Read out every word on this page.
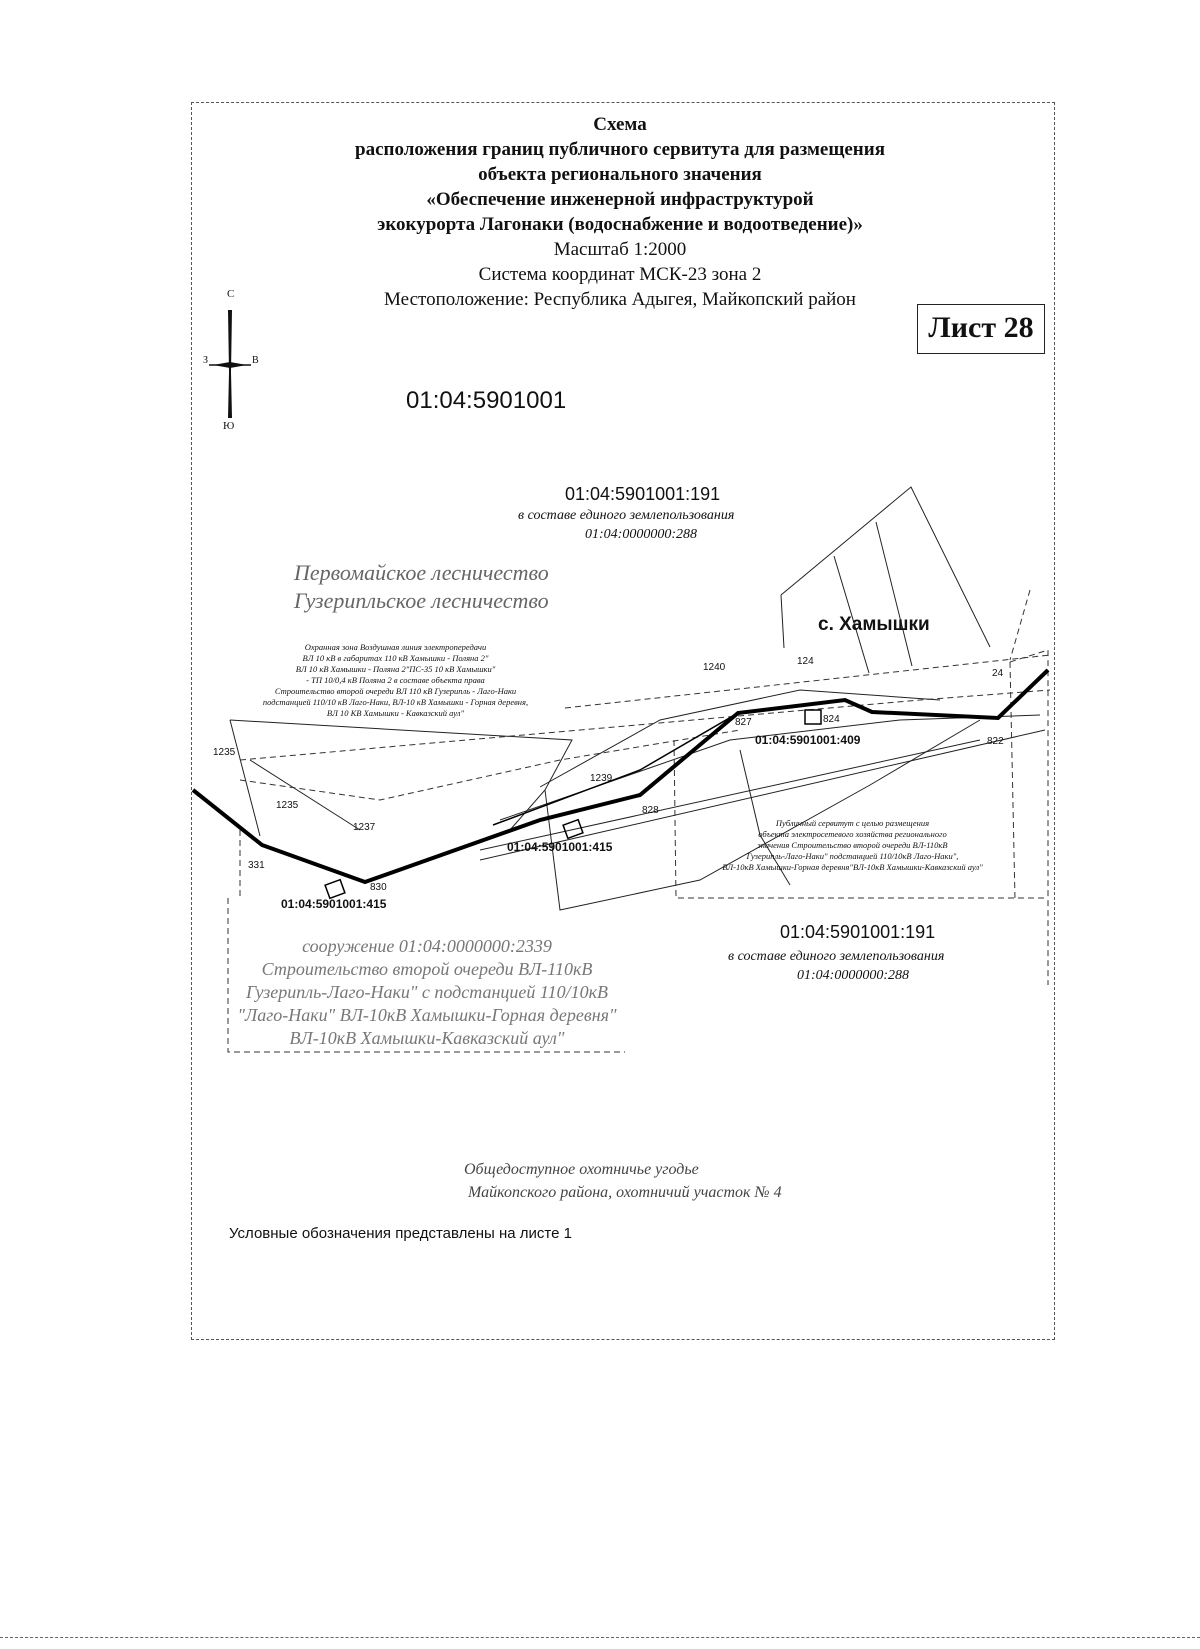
Схема
расположения границ публичного сервитута для размещения
объекта регионального значения
«Обеспечение инженерной инфраструктурой
экокурорта Лагонаки (водоснабжение и водоотведение)»
Масштаб 1:2000
Система координат МСК-23 зона 2
Местоположение: Республика Адыгея, Майкопский район
Лист 28
С
З	В
Ю
01:04:5901001
01:04:5901001:191
в составе единого землепользования
01:04:0000000:288
Первомайское лесничество
Гузерипльское лесничество
с. Хамышки
Охранная зона Воздушная линия электропередачи
ВЛ 10 кВ в габаритах 110 кВ Хамышки - Поляна 2"
ВЛ 10 кВ Хамышки - Поляна 2"ПС-35 10 кВ Хамышки"
- ТП 10/0,4 кВ Поляна 2 в составе объекта права
Строительство второй очереди ВЛ 110 кВ Гузерипль - Лаго-Наки
подстанцией 110/10 кВ Лаго-Наки, ВЛ-10 кВ Хамышки - Горная деревня,
ВЛ 10 КВ Хамышки - Кавказский аул"
1240
124
24
1235
1239
1235
1237
331
830
827
828
824
822
01:04:5901001:409
01:04:5901001:415
01:04:5901001:415
Публичный сервитут с целью размещения
объекта электросетевого хозяйства регионального
значения Строительство второй очереди ВЛ-110кВ
Гузерипль-Лаго-Наки" подстанцией 110/10кВ Лаго-Наки",
ВЛ-10кВ Хамышки-Горная деревня"ВЛ-10кВ Хамышки-Кавказский аул"
01:04:5901001:191
в составе единого землепользования
01:04:0000000:288
сооружение 01:04:0000000:2339
Строительство второй очереди ВЛ-110кВ
Гузерипль-Лаго-Наки" с подстанцией 110/10кВ
"Лаго-Наки" ВЛ-10кВ Хамышки-Горная деревня"
ВЛ-10кВ Хамышки-Кавказский аул"
Общедоступное охотничье угодье
Майкопского района, охотничий участок № 4
Условные обозначения представлены на листе 1
